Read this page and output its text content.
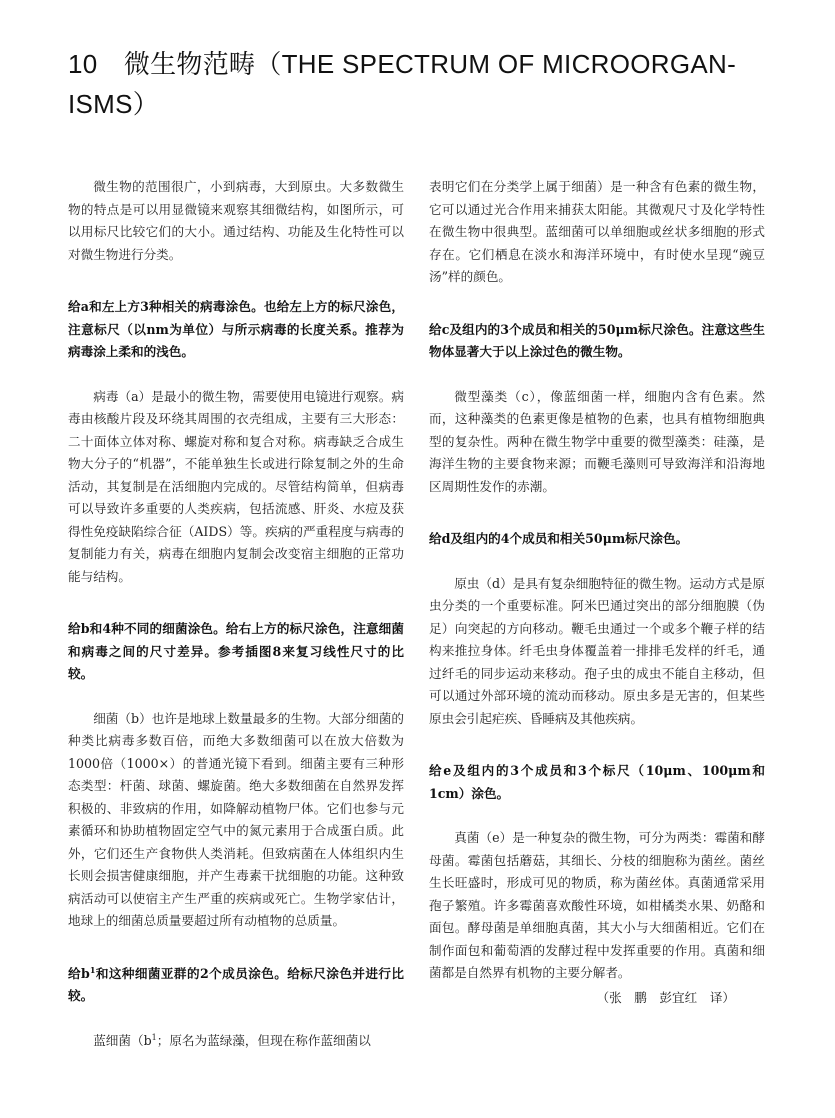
10　微生物范畴（THE SPECTRUM OF MICROORGAN-ISMS）

微生物的范围很广，小到病毒，大到原虫。大多数微生物的特点是可以用显微镜来观察其细微结构，如图所示，可以用标尺比较它们的大小。通过结构、功能及生化特性可以对微生物进行分类。

给a和左上方3种相关的病毒涂色。也给左上方的标尺涂色，注意标尺（以nm为单位）与所示病毒的长度关系。推荐为病毒涂上柔和的浅色。

病毒（a）是最小的微生物，需要使用电镜进行观察。病毒由核酸片段及环绕其周围的衣壳组成，主要有三大形态：二十面体立体对称、螺旋对称和复合对称。病毒缺乏合成生物大分子的“机器”，不能单独生长或进行除复制之外的生命活动，其复制是在活细胞内完成的。尽管结构简单，但病毒可以导致许多重要的人类疾病，包括流感、肝炎、水痘及获得性免疫缺陷综合征（AIDS）等。疾病的严重程度与病毒的复制能力有关，病毒在细胞内复制会改变宿主细胞的正常功能与结构。

给b和4种不同的细菌涂色。给右上方的标尺涂色，注意细菌和病毒之间的尺寸差异。参考插图8来复习线性尺寸的比较。

细菌（b）也许是地球上数量最多的生物。大部分细菌的种类比病毒多数百倍，而绝大多数细菌可以在放大倍数为1000倍（1000×）的普通光镜下看到。细菌主要有三种形态类型：杆菌、球菌、螺旋菌。绝大多数细菌在自然界发挥积极的、非致病的作用，如降解动植物尸体。它们也参与元素循环和协助植物固定空气中的氮元素用于合成蛋白质。此外，它们还生产食物供人类消耗。但致病菌在人体组织内生长则会损害健康细胞，并产生毒素干扰细胞的功能。这种致病活动可以使宿主产生严重的疾病或死亡。生物学家估计，地球上的细菌总质量要超过所有动植物的总质量。

给$b^1$和这种细菌亚群的2个成员涂色。给标尺涂色并进行比较。

蓝细菌（$b^1$；原名为蓝绿藻，但现在称作蓝细菌以

表明它们在分类学上属于细菌）是一种含有色素的微生物，它可以通过光合作用来捕获太阳能。其微观尺寸及化学特性在微生物中很典型。蓝细菌可以单细胞或丝状多细胞的形式存在。它们栖息在淡水和海洋环境中，有时使水呈现“豌豆汤”样的颜色。

给c及组内的3个成员和相关的50μm标尺涂色。注意这些生物体显著大于以上涂过色的微生物。

微型藻类（c），像蓝细菌一样，细胞内含有色素。然而，这种藻类的色素更像是植物的色素，也具有植物细胞典型的复杂性。两种在微生物学中重要的微型藻类：硅藻，是海洋生物的主要食物来源；而鞭毛藻则可导致海洋和沿海地区周期性发作的赤潮。

给d及组内的4个成员和相关50μm标尺涂色。

原虫（d）是具有复杂细胞特征的微生物。运动方式是原虫分类的一个重要标准。阿米巴通过突出的部分细胞膜（伪足）向突起的方向移动。鞭毛虫通过一个或多个鞭子样的结构来推拉身体。纤毛虫身体覆盖着一排排毛发样的纤毛，通过纤毛的同步运动来移动。孢子虫的成虫不能自主移动，但可以通过外部环境的流动而移动。原虫多是无害的，但某些原虫会引起疟疾、昏睡病及其他疾病。

给e及组内的3个成员和3个标尺（10μm、100μm和1cm）涂色。

真菌（e）是一种复杂的微生物，可分为两类：霉菌和酵母菌。霉菌包括蘑菇，其细长、分枝的细胞称为菌丝。菌丝生长旺盛时，形成可见的物质，称为菌丝体。真菌通常采用孢子繁殖。许多霉菌喜欢酸性环境，如柑橘类水果、奶酪和面包。酵母菌是单细胞真菌，其大小与大细菌相近。它们在制作面包和葡萄酒的发酵过程中发挥重要的作用。真菌和细菌都是自然界有机物的主要分解者。

（张　鹏　彭宜红　译）
